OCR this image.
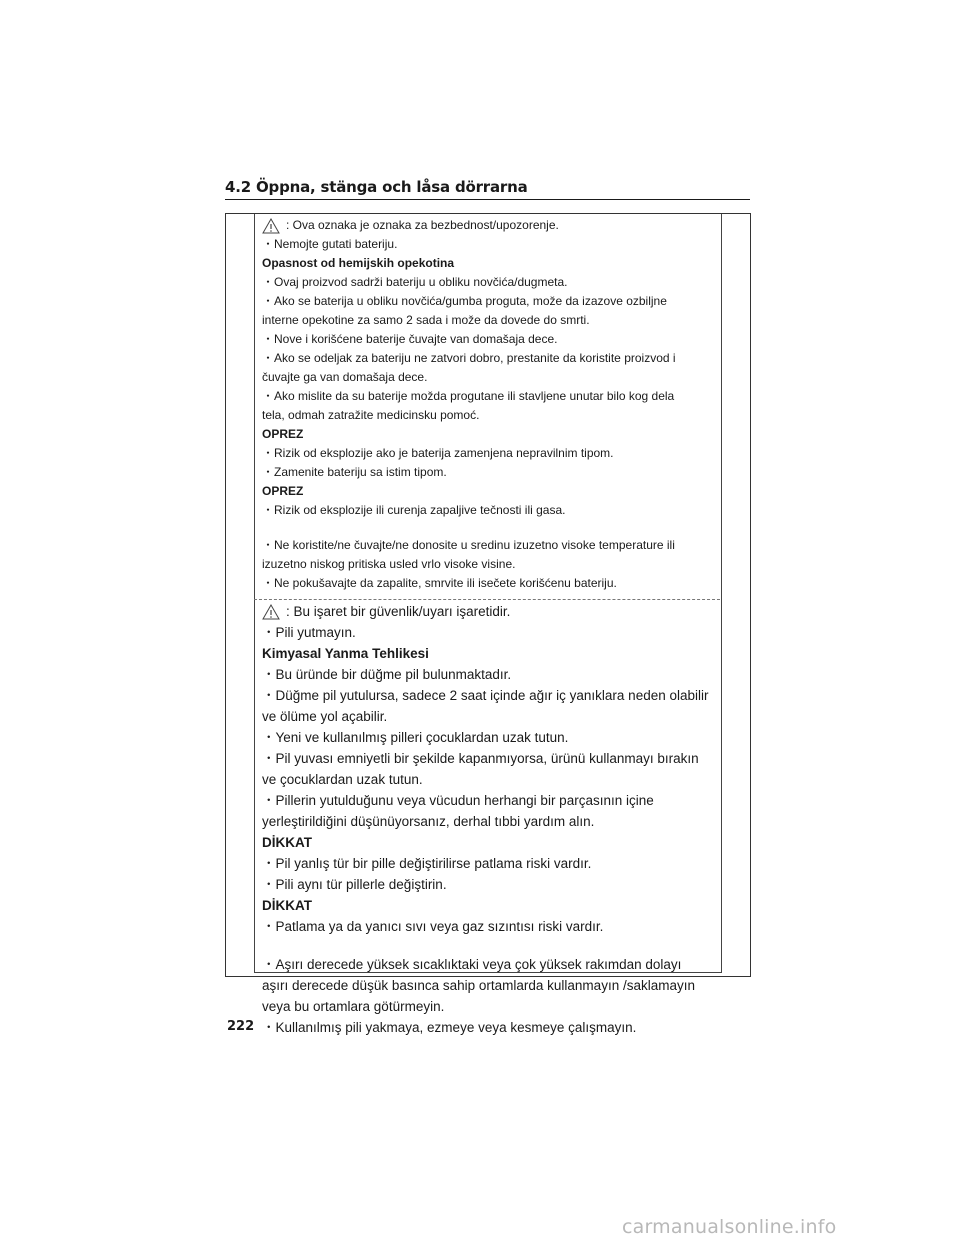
4.2 Öppna, stänga och låsa dörrarna
: Ova oznaka je oznaka za bezbednost/upozorenje.
・Nemojte gutati bateriju.
Opasnost od hemijskih opekotina
・Ovaj proizvod sadrži bateriju u obliku novčića/dugmeta.
・Ako se baterija u obliku novčića/gumba proguta, može da izazove ozbiljne
interne opekotine za samo 2 sada i može da dovede do smrti.
・Nove i korišćene baterije čuvajte van domašaja dece.
・Ako se odeljak za bateriju ne zatvori dobro, prestanite da koristite proizvod i
čuvajte ga van domašaja dece.
・Ako mislite da su baterije možda progutane ili stavljene unutar bilo kog dela
tela, odmah zatražite medicinsku pomoć.
OPREZ
・Rizik od eksplozije ako je baterija zamenjena nepravilnim tipom.
・Zamenite bateriju sa istim tipom.
OPREZ
・Rizik od eksplozije ili curenja zapaljive tečnosti ili gasa.
・Ne koristite/ne čuvajte/ne donosite u sredinu izuzetno visoke temperature ili
izuzetno niskog pritiska usled vrlo visoke visine.
・Ne pokušavajte da zapalite, smrvite ili isečete korišćenu bateriju.
: Bu işaret bir güvenlik/uyarı işaretidir.
・Pili yutmayın.
Kimyasal Yanma Tehlikesi
・Bu üründe bir düğme pil bulunmaktadır.
・Düğme pil yutulursa, sadece 2 saat içinde ağır iç yanıklara neden olabilir
ve ölüme yol açabilir.
・Yeni ve kullanılmış pilleri çocuklardan uzak tutun.
・Pil yuvası emniyetli bir şekilde kapanmıyorsa, ürünü kullanmayı bırakın
ve çocuklardan uzak tutun.
・Pillerin yutulduğunu veya vücudun herhangi bir parçasının içine
yerleştirildiğini düşünüyorsanız, derhal tıbbi yardım alın.
DİKKAT
・Pil yanlış tür bir pille değiştirilirse patlama riski vardır.
・Pili aynı tür pillerle değiştirin.
DİKKAT
・Patlama ya da yanıcı sıvı veya gaz sızıntısı riski vardır.
・Aşırı derecede yüksek sıcaklıktaki veya çok yüksek rakımdan dolayı
aşırı derecede düşük basınca sahip ortamlarda kullanmayın /saklamayın
veya bu ortamlara götürmeyin.
・Kullanılmış pili yakmaya, ezmeye veya kesmeye çalışmayın.
222
carmanualsonline.info
